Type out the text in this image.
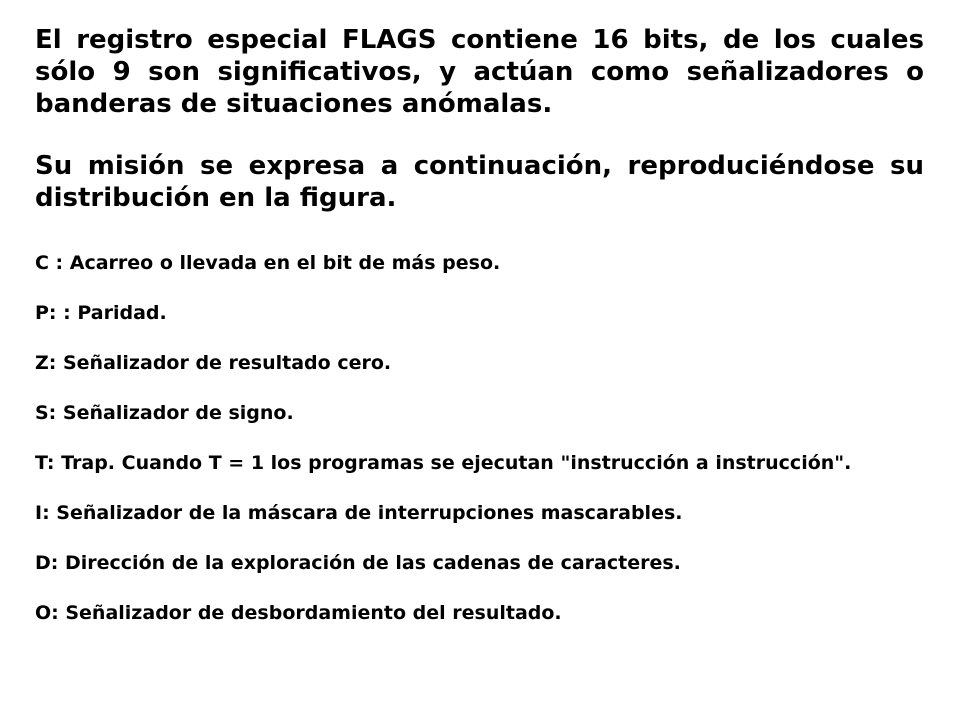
El registro especial FLAGS contiene 16 bits, de los cuales sólo 9 son significativos, y actúan como señalizadores o banderas de situaciones anómalas.

Su misión se expresa a continuación, reproduciéndose su distribución en la figura.

C : Acarreo o llevada en el bit de más peso.

P: : Paridad.

Z: Señalizador de resultado cero.

S: Señalizador de signo.

T: Trap. Cuando T = 1 los programas se ejecutan "instrucción a instrucción".

I: Señalizador de la máscara de interrupciones mascarables.

D: Dirección de la exploración de las cadenas de caracteres.

O: Señalizador de desbordamiento del resultado.
